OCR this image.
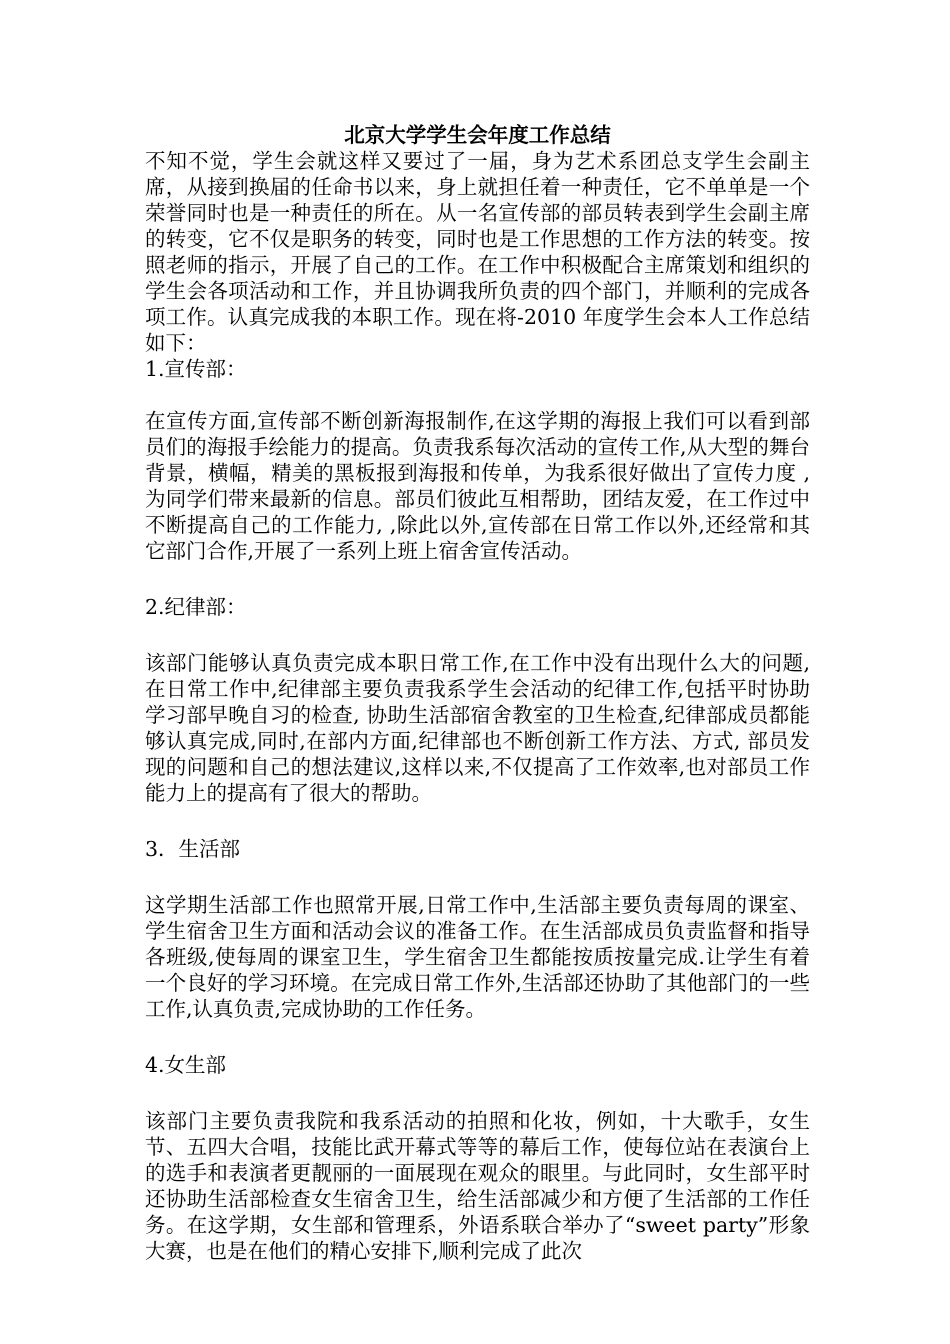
北京大学学生会年度工作总结

不知不觉，学生会就这样又要过了一届，身为艺术系团总支学生会副主席，从接到换届的任命书以来，身上就担任着一种责任，它不单单是一个荣誉同时也是一种责任的所在。从一名宣传部的部员转表到学生会副主席的转变，它不仅是职务的转变，同时也是工作思想的工作方法的转变。按照老师的指示，开展了自己的工作。在工作中积极配合主席策划和组织的学生会各项活动和工作，并且协调我所负责的四个部门，并顺利的完成各项工作。认真完成我的本职工作。现在将-2010 年度学生会本人工作总结如下：

1.宣传部：

在宣传方面,宣传部不断创新海报制作,在这学期的海报上我们可以看到部员们的海报手绘能力的提高。负责我系每次活动的宣传工作,从大型的舞台背景，横幅，精美的黑板报到海报和传单，为我系很好做出了宣传力度 , 为同学们带来最新的信息。部员们彼此互相帮助，团结友爱，在工作过中不断提高自己的工作能力, ,除此以外,宣传部在日常工作以外,还经常和其它部门合作,开展了一系列上班上宿舍宣传活动。

2.纪律部：

该部门能够认真负责完成本职日常工作,在工作中没有出现什么大的问题,在日常工作中,纪律部主要负责我系学生会活动的纪律工作,包括平时协助学习部早晚自习的检查, 协助生活部宿舍教室的卫生检查,纪律部成员都能够认真完成,同时,在部内方面,纪律部也不断创新工作方法、方式, 部员发现的问题和自己的想法建议,这样以来,不仅提高了工作效率,也对部员工作能力上的提高有了很大的帮助。

3．生活部

这学期生活部工作也照常开展,日常工作中,生活部主要负责每周的课室、学生宿舍卫生方面和活动会议的准备工作。在生活部成员负责监督和指导各班级,使每周的课室卫生，学生宿舍卫生都能按质按量完成.让学生有着一个良好的学习环境。在完成日常工作外,生活部还协助了其他部门的一些工作,认真负责,完成协助的工作任务。

4.女生部

该部门主要负责我院和我系活动的拍照和化妆，例如，十大歌手，女生节、五四大合唱，技能比武开幕式等等的幕后工作，使每位站在表演台上的选手和表演者更靓丽的一面展现在观众的眼里。与此同时，女生部平时还协助生活部检查女生宿舍卫生，给生活部减少和方便了生活部的工作任务。在这学期，女生部和管理系，外语系联合举办了“sweet party”形象大赛，也是在他们的精心安排下,顺利完成了此次
